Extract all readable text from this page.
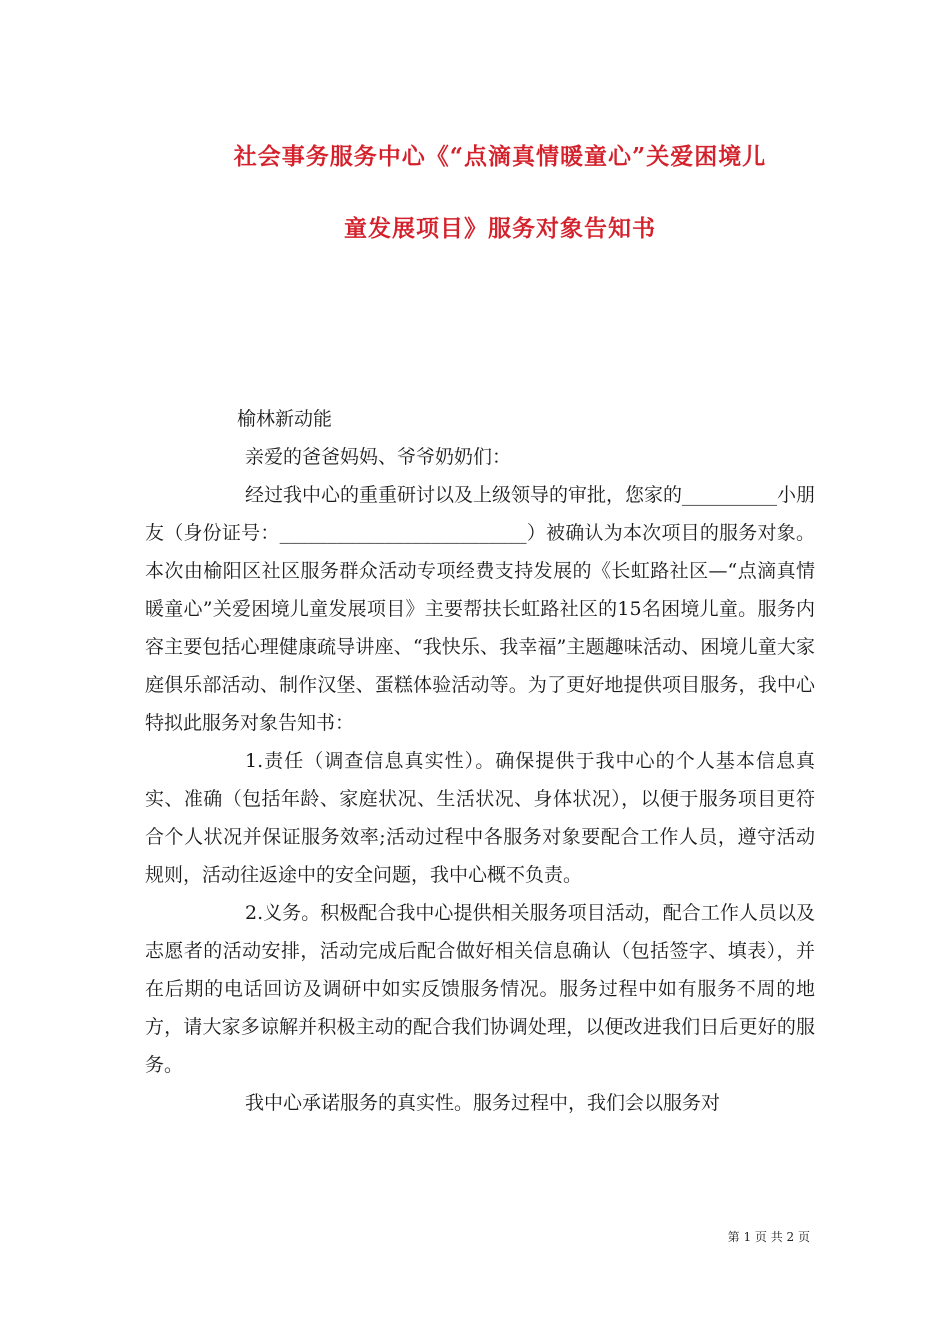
社会事务服务中心《“点滴真情暖童心”关爱困境儿
童发展项目》服务对象告知书

榆林新动能

亲爱的爸爸妈妈、爷爷奶奶们：

经过我中心的重重研讨以及上级领导的审批，您家的__________小朋友（身份证号：__________________________）被确认为本次项目的服务对象。本次由榆阳区社区服务群众活动专项经费支持发展的《长虹路社区—“点滴真情暖童心”关爱困境儿童发展项目》主要帮扶长虹路社区的15名困境儿童。服务内容主要包括心理健康疏导讲座、“我快乐、我幸福”主题趣味活动、困境儿童大家庭俱乐部活动、制作汉堡、蛋糕体验活动等。为了更好地提供项目服务，我中心特拟此服务对象告知书：

1.责任（调查信息真实性）。确保提供于我中心的个人基本信息真实、准确（包括年龄、家庭状况、生活状况、身体状况），以便于服务项目更符合个人状况并保证服务效率;活动过程中各服务对象要配合工作人员，遵守活动规则，活动往返途中的安全问题，我中心概不负责。

2.义务。积极配合我中心提供相关服务项目活动，配合工作人员以及志愿者的活动安排，活动完成后配合做好相关信息确认（包括签字、填表），并在后期的电话回访及调研中如实反馈服务情况。服务过程中如有服务不周的地方，请大家多谅解并积极主动的配合我们协调处理，以便改进我们日后更好的服务。

我中心承诺服务的真实性。服务过程中，我们会以服务对

第 1 页 共 2 页
